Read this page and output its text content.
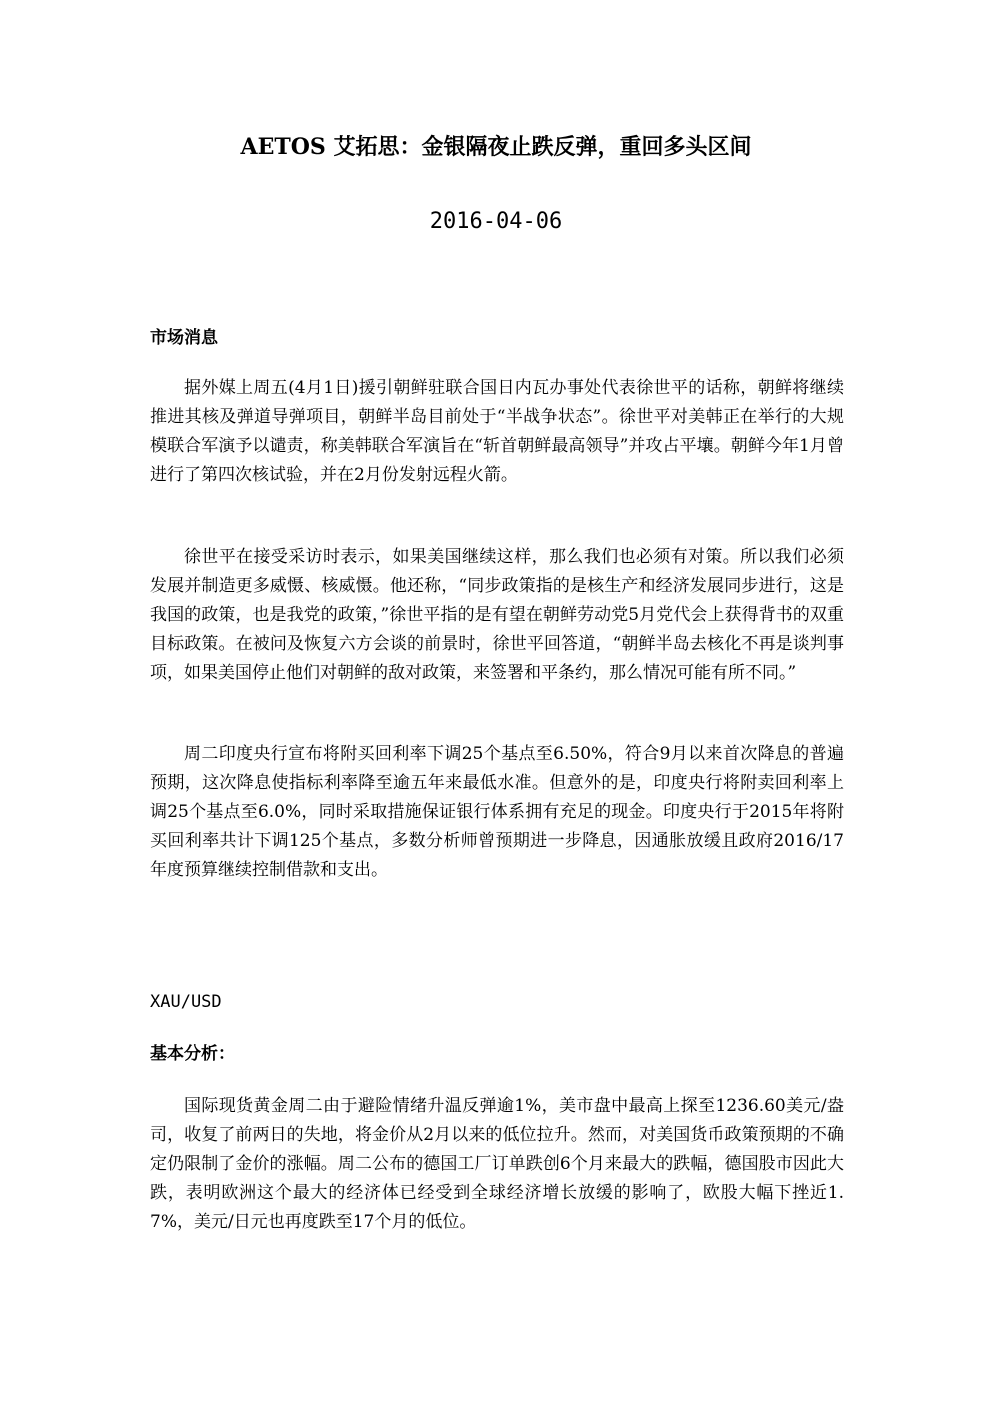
AETOS 艾拓思：金银隔夜止跌反弹，重回多头区间
2016-04-06
市场消息

据外媒上周五(4月1日)援引朝鲜驻联合国日内瓦办事处代表徐世平的话称，朝鲜将继续推进其核及弹道导弹项目，朝鲜半岛目前处于“半战争状态”。徐世平对美韩正在举行的大规模联合军演予以谴责，称美韩联合军演旨在“斩首朝鲜最高领导”并攻占平壤。朝鲜今年1月曾进行了第四次核试验，并在2月份发射远程火箭。

徐世平在接受采访时表示，如果美国继续这样，那么我们也必须有对策。所以我们必须发展并制造更多威慑、核威慑。他还称，“同步政策指的是核生产和经济发展同步进行，这是我国的政策，也是我党的政策，”徐世平指的是有望在朝鲜劳动党5月党代会上获得背书的双重目标政策。在被问及恢复六方会谈的前景时，徐世平回答道，“朝鲜半岛去核化不再是谈判事项，如果美国停止他们对朝鲜的敌对政策，来签署和平条约，那么情况可能有所不同。”

周二印度央行宣布将附买回利率下调25个基点至6.50%，符合9月以来首次降息的普遍预期，这次降息使指标利率降至逾五年来最低水准。但意外的是，印度央行将附卖回利率上调25个基点至6.0%，同时采取措施保证银行体系拥有充足的现金。印度央行于2015年将附买回利率共计下调125个基点，多数分析师曾预期进一步降息，因通胀放缓且政府2016/17年度预算继续控制借款和支出。

XAU/USD
基本分析：

国际现货黄金周二由于避险情绪升温反弹逾1%，美市盘中最高上探至1236.60美元/盎司，收复了前两日的失地，将金价从2月以来的低位拉升。然而，对美国货币政策预期的不确定仍限制了金价的涨幅。周二公布的德国工厂订单跌创6个月来最大的跌幅，德国股市因此大跌，表明欧洲这个最大的经济体已经受到全球经济增长放缓的影响了，欧股大幅下挫近1.7%，美元/日元也再度跌至17个月的低位。
